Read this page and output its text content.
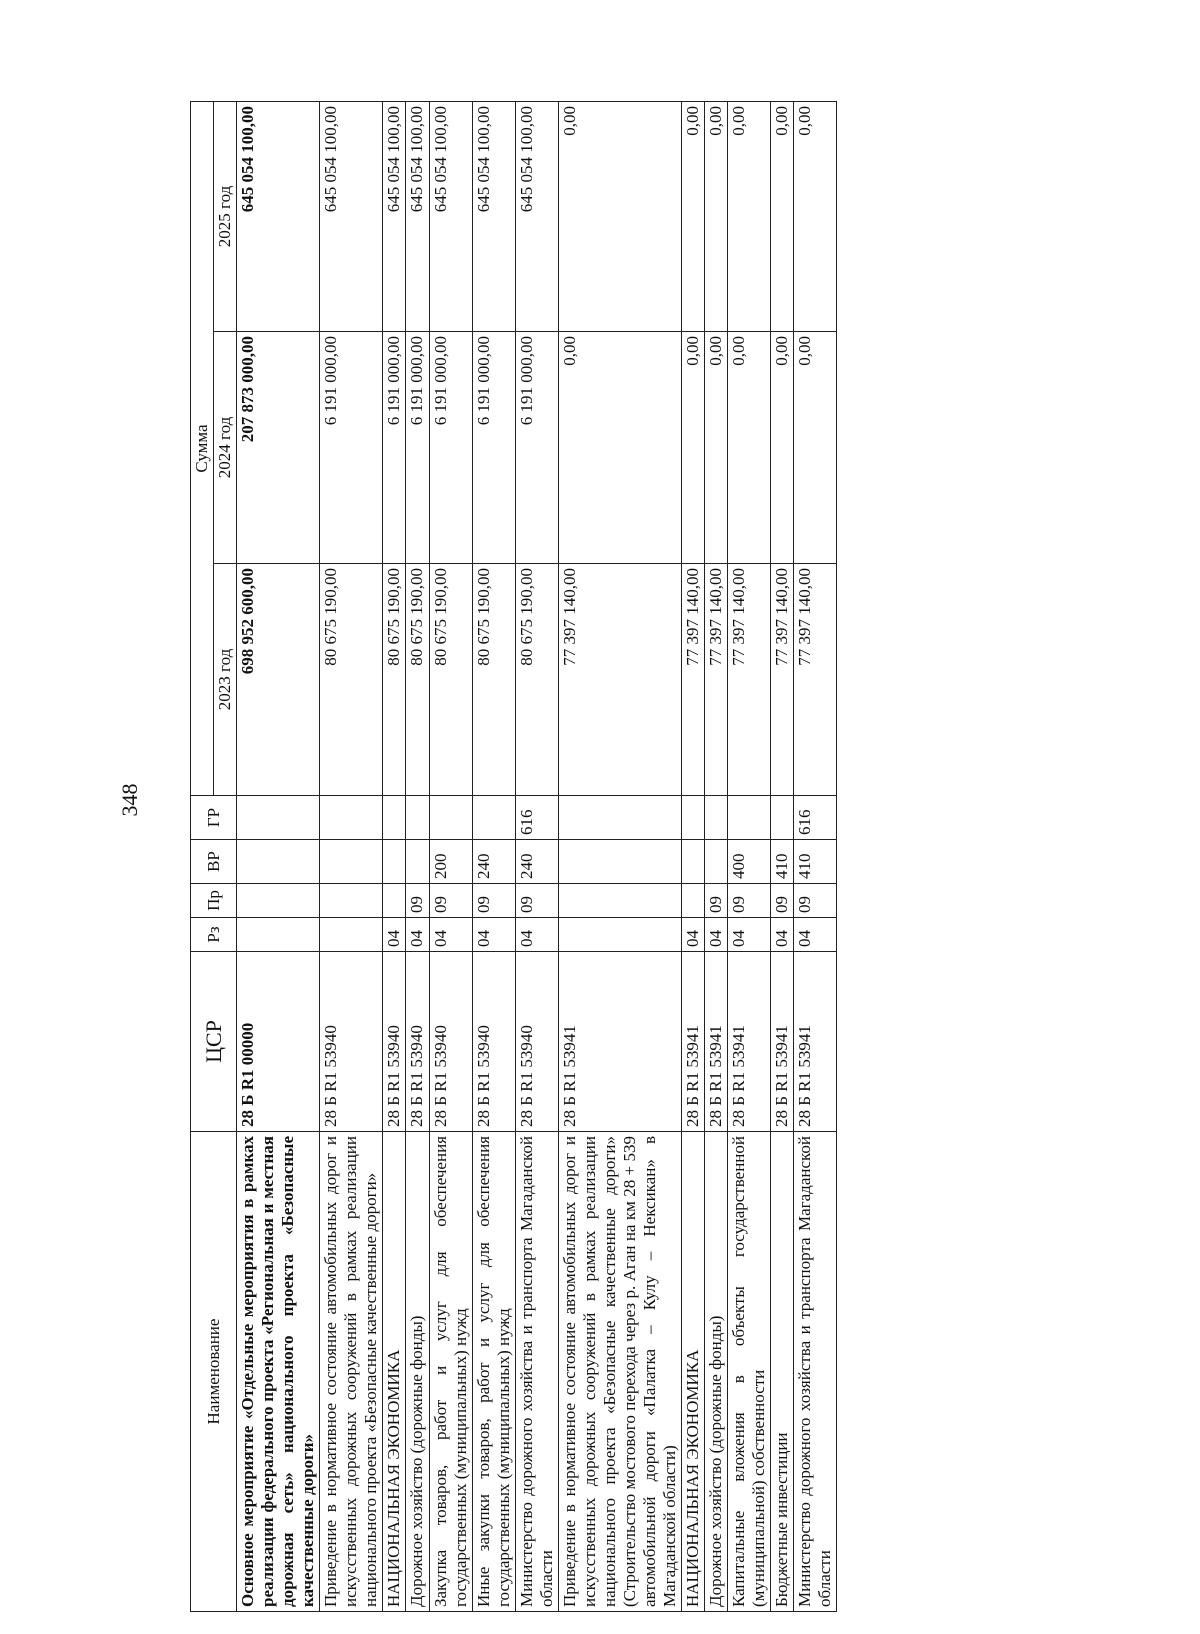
348
Наименование	ЦСР	Рз	Пр	ВР	ГР	Сумма		
						2023 год	2024 год	2025 год
Основное мероприятие «Отдельные мероприятия в рамках реализации федерального проекта «Региональная и местная дорожная сеть» национального проекта «Безопасные качественные дороги»	28 Б R1 00000					698 952 600,00	207 873 000,00	645 054 100,00
Приведение в нормативное состояние автомобильных дорог и искусственных дорожных сооружений в рамках реализации национального проекта «Безопасные качественные дороги»	28 Б R1 53940					80 675 190,00	6 191 000,00	645 054 100,00
НАЦИОНАЛЬНАЯ ЭКОНОМИКА	28 Б R1 53940	04				80 675 190,00	6 191 000,00	645 054 100,00
Дорожное хозяйство (дорожные фонды)	28 Б R1 53940	04	09			80 675 190,00	6 191 000,00	645 054 100,00
Закупка товаров, работ и услуг для обеспечения государственных (муниципальных) нужд	28 Б R1 53940	04	09	200		80 675 190,00	6 191 000,00	645 054 100,00
Иные закупки товаров, работ и услуг для обеспечения государственных (муниципальных) нужд	28 Б R1 53940	04	09	240		80 675 190,00	6 191 000,00	645 054 100,00
Министерство дорожного хозяйства и транспорта Магаданской области	28 Б R1 53940	04	09	240	616	80 675 190,00	6 191 000,00	645 054 100,00
Приведение в нормативное состояние автомобильных дорог и искусственных дорожных сооружений в рамках реализации национального проекта «Безопасные качественные дороги» (Строительство мостового перехода через р. Аган на км 28 + 539 автомобильной дороги «Палатка – Кулу – Нексикан» в Магаданской области)	28 Б R1 53941					77 397 140,00	0,00	0,00
НАЦИОНАЛЬНАЯ ЭКОНОМИКА	28 Б R1 53941	04				77 397 140,00	0,00	0,00
Дорожное хозяйство (дорожные фонды)	28 Б R1 53941	04	09			77 397 140,00	0,00	0,00
Капитальные вложения в объекты государственной (муниципальной) собственности	28 Б R1 53941	04	09	400		77 397 140,00	0,00	0,00
Бюджетные инвестиции	28 Б R1 53941	04	09	410		77 397 140,00	0,00	0,00
Министерство дорожного хозяйства и транспорта Магаданской области	28 Б R1 53941	04	09	410	616	77 397 140,00	0,00	0,00
